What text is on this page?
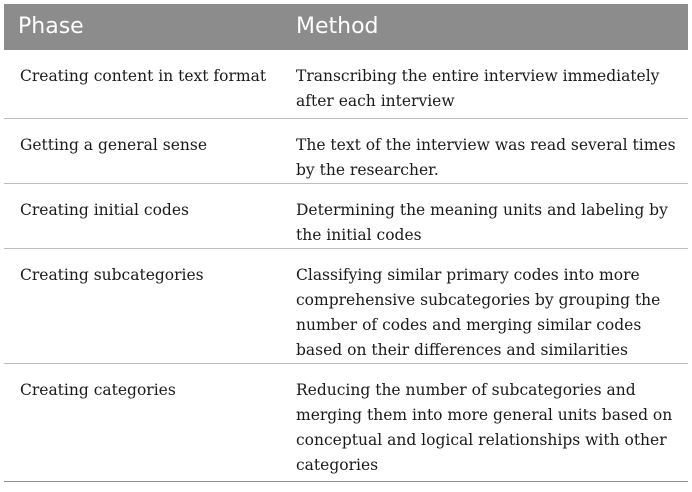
Phase	Method

Creating content in text format	Transcribing the entire interview immediately after each interview

Getting a general sense	The text of the interview was read several times by the researcher.

Creating initial codes	Determining the meaning units and labeling by the initial codes

Creating subcategories	Classifying similar primary codes into more comprehensive subcategories by grouping the number of codes and merging similar codes based on their differences and similarities

Creating categories	Reducing the number of subcategories and merging them into more general units based on conceptual and logical relationships with other categories
